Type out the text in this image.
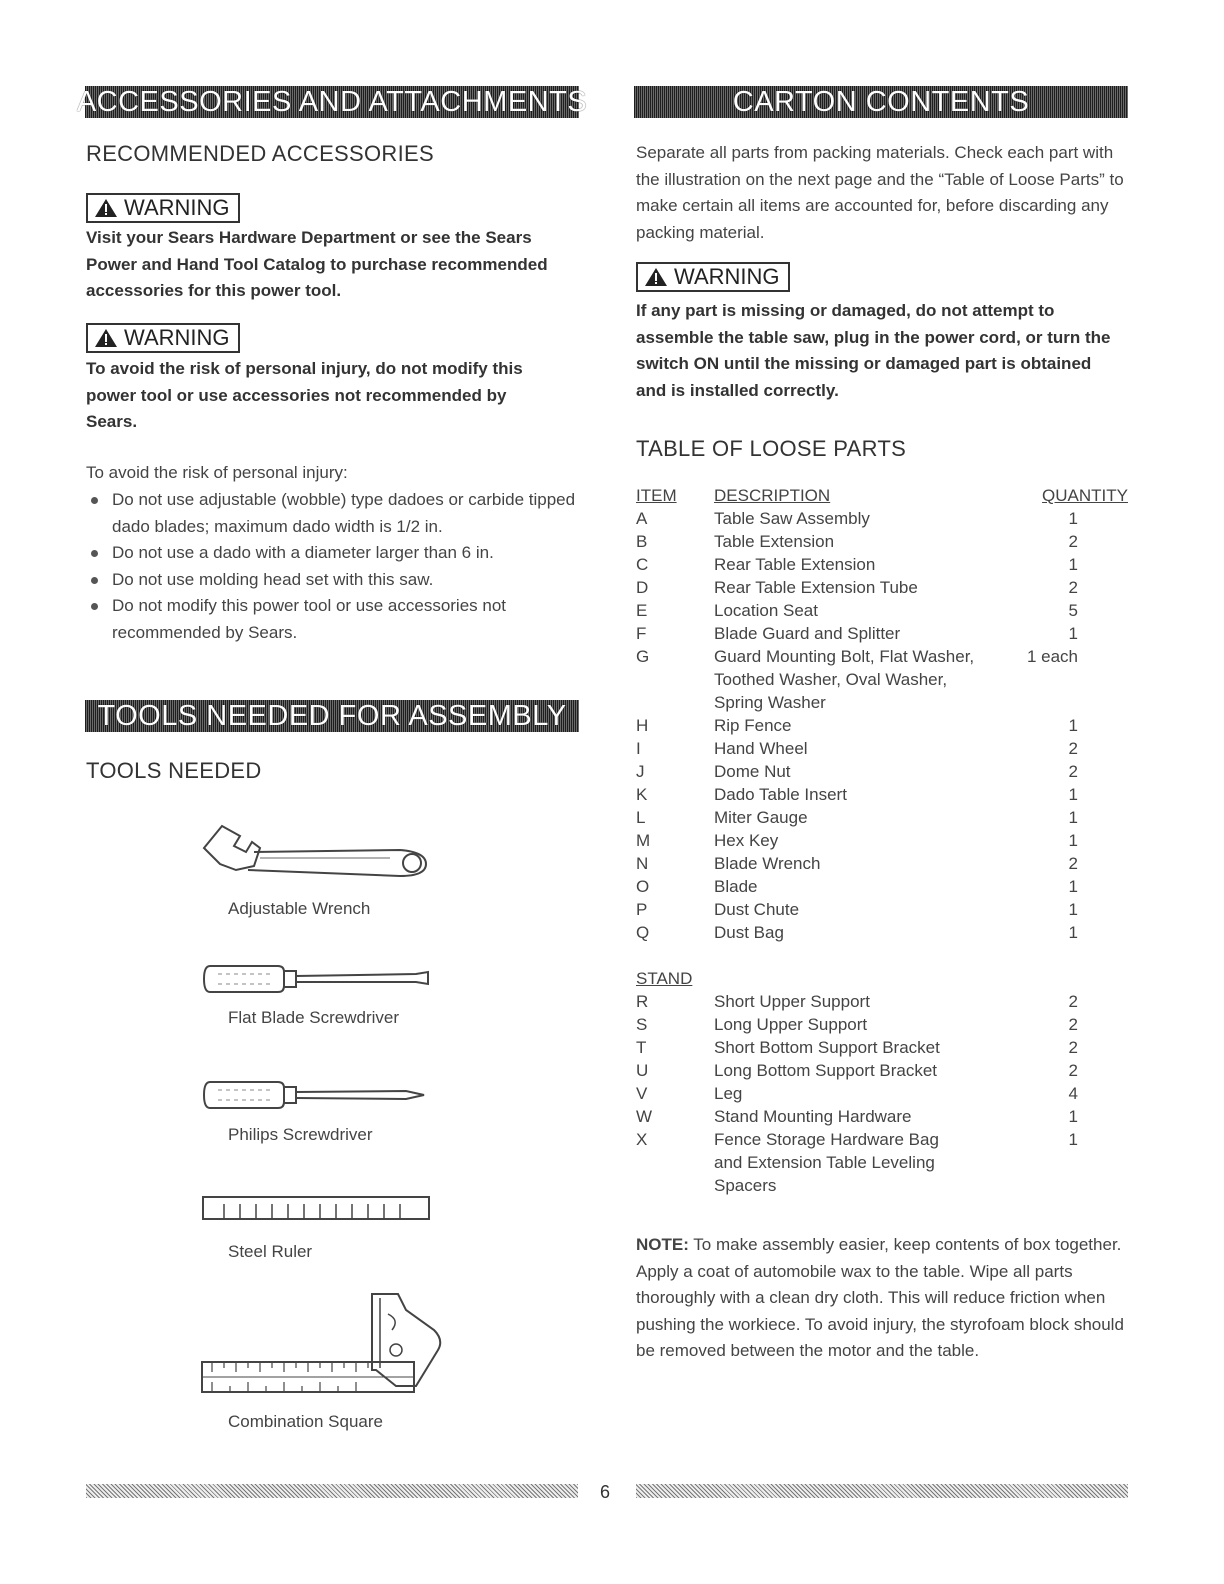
ACCESSORIES AND ATTACHMENTS
RECOMMENDED ACCESSORIES
WARNING
Visit your Sears Hardware Department or see the Sears Power and Hand Tool Catalog to purchase recommended accessories for this power tool.
WARNING
To avoid the risk of personal injury, do not modify this power tool or use accessories not recommended by Sears.
To avoid the risk of personal injury:
Do not use adjustable (wobble) type dadoes or carbide tipped dado blades; maximum dado width is 1/2 in.
Do not use a dado with a diameter larger than 6 in.
Do not use molding head set with this saw.
Do not modify this power tool or use accessories not recommended by Sears.
TOOLS NEEDED FOR ASSEMBLY
TOOLS NEEDED
Adjustable Wrench
Flat Blade Screwdriver
Philips Screwdriver
Steel Ruler
Combination Square
CARTON CONTENTS
Separate all parts from packing materials. Check each part with the illustration on the next page and the “Table of Loose Parts” to make certain all items are accounted for, before discarding any packing material.
WARNING
If any part is missing or damaged, do not attempt to assemble the table saw, plug in the power cord, or turn the switch ON until the missing or damaged part is obtained and is installed correctly.
TABLE OF LOOSE PARTS
ITEM	DESCRIPTION	QUANTITY
A	Table Saw Assembly	1
B	Table Extension	2
C	Rear Table Extension	1
D	Rear Table Extension Tube	2
E	Location Seat	5
F	Blade Guard and Splitter	1
G	Guard Mounting Bolt, Flat Washer,	1 each
	Toothed Washer, Oval Washer,	
	Spring Washer	
H	Rip Fence	1
I	Hand Wheel	2
J	Dome Nut	2
K	Dado Table Insert	1
L	Miter Gauge	1
M	Hex Key	1
N	Blade Wrench	2
O	Blade	1
P	Dust Chute	1
Q	Dust Bag	1

STAND		
R	Short Upper Support	2
S	Long Upper Support	2
T	Short Bottom Support Bracket	2
U	Long Bottom Support Bracket	2
V	Leg	4
W	Stand Mounting Hardware	1
X	Fence Storage Hardware Bag	1
	and Extension Table Leveling	
	Spacers	
NOTE: To make assembly easier, keep contents of box together. Apply a coat of automobile wax to the table. Wipe all parts thoroughly with a clean dry cloth. This will reduce friction when pushing the workiece. To avoid injury, the styrofoam block should be removed between the motor and the table.
6
